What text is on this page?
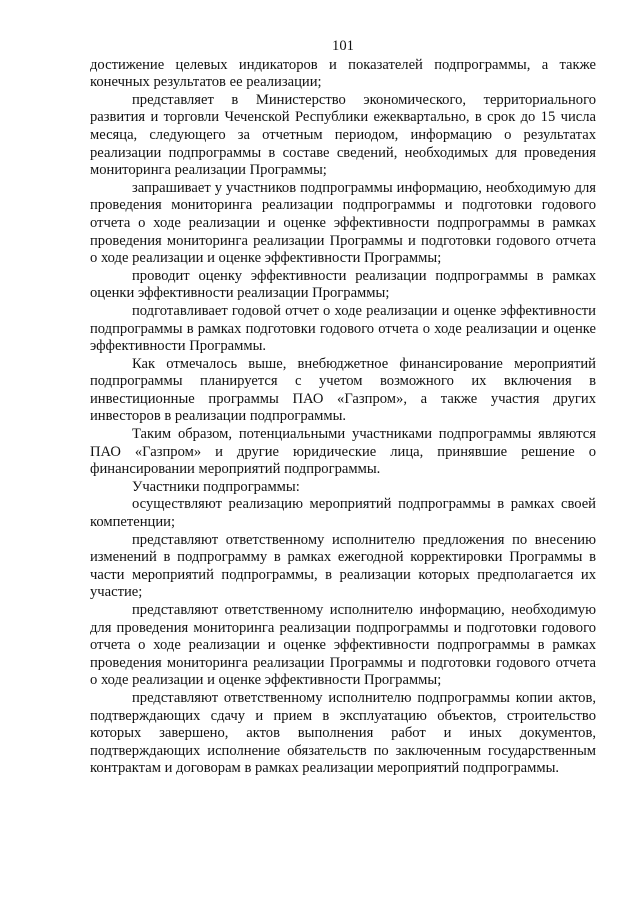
101

достижение целевых индикаторов и показателей подпрограммы, а также конечных результатов ее реализации;

представляет в Министерство экономического, территориального развития и торговли Чеченской Республики ежеквартально, в срок до 15 числа месяца, следующего за отчетным периодом, информацию о результатах реализации подпрограммы в составе сведений, необходимых для проведения мониторинга реализации Программы;

запрашивает у участников подпрограммы информацию, необходимую для проведения мониторинга реализации подпрограммы и подготовки годового отчета о ходе реализации и оценке эффективности подпрограммы в рамках проведения мониторинга реализации Программы и подготовки годового отчета о ходе реализации и оценке эффективности Программы;

проводит оценку эффективности реализации подпрограммы в рамках оценки эффективности реализации Программы;

подготавливает годовой отчет о ходе реализации и оценке эффективности подпрограммы в рамках подготовки годового отчета о ходе реализации и оценке эффективности Программы.

Как отмечалось выше, внебюджетное финансирование мероприятий подпрограммы планируется с учетом возможного их включения в инвестиционные программы ПАО «Газпром», а также участия других инвесторов в реализации подпрограммы.

Таким образом, потенциальными участниками подпрограммы являются ПАО «Газпром» и другие юридические лица, принявшие решение о финансировании мероприятий подпрограммы.

Участники подпрограммы:

осуществляют реализацию мероприятий подпрограммы в рамках своей компетенции;

представляют ответственному исполнителю предложения по внесению изменений в подпрограмму в рамках ежегодной корректировки Программы в части мероприятий подпрограммы, в реализации которых предполагается их участие;

представляют ответственному исполнителю информацию, необходимую для проведения мониторинга реализации подпрограммы и подготовки годового отчета о ходе реализации и оценке эффективности подпрограммы в рамках проведения мониторинга реализации Программы и подготовки годового отчета о ходе реализации и оценке эффективности Программы;

представляют ответственному исполнителю подпрограммы копии актов, подтверждающих сдачу и прием в эксплуатацию объектов, строительство которых завершено, актов выполнения работ и иных документов, подтверждающих исполнение обязательств по заключенным государственным контрактам и договорам в рамках реализации мероприятий подпрограммы.
